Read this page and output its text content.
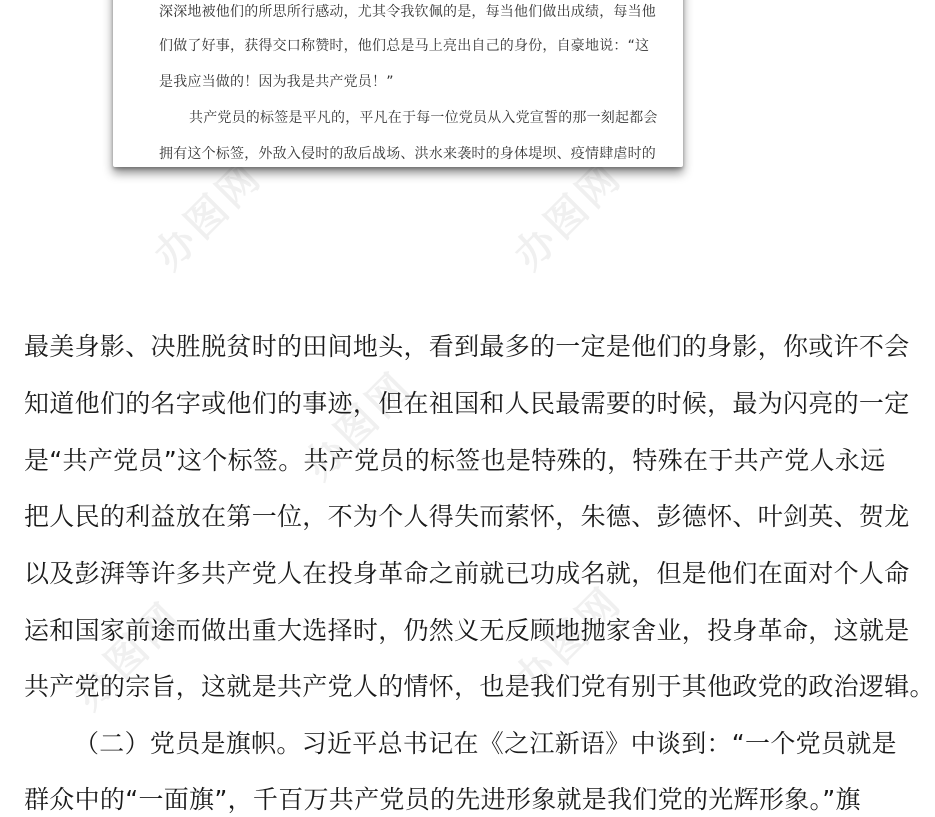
办图网	办图网
办图网
办图网	办图网
深深地被他们的所思所行感动，尤其令我钦佩的是，每当他们做出成绩，每当他
们做了好事，获得交口称赞时，他们总是马上亮出自己的身份，自豪地说：“这
是我应当做的！因为我是共产党员！”
共产党员的标签是平凡的，平凡在于每一位党员从入党宣誓的那一刻起都会
拥有这个标签，外敌入侵时的敌后战场、洪水来袭时的身体堤坝、疫情肆虐时的
最美身影、决胜脱贫时的田间地头，看到最多的一定是他们的身影，你或许不会
知道他们的名字或他们的事迹，但在祖国和人民最需要的时候，最为闪亮的一定
是“共产党员”这个标签。共产党员的标签也是特殊的，特殊在于共产党人永远
把人民的利益放在第一位，不为个人得失而萦怀，朱德、彭德怀、叶剑英、贺龙
以及彭湃等许多共产党人在投身革命之前就已功成名就，但是他们在面对个人命
运和国家前途而做出重大选择时，仍然义无反顾地抛家舍业，投身革命，这就是
共产党的宗旨，这就是共产党人的情怀，也是我们党有别于其他政党的政治逻辑。
（二）党员是旗帜。习近平总书记在《之江新语》中谈到：“一个党员就是
群众中的“一面旗”，千百万共产党员的先进形象就是我们党的光辉形象。”旗
